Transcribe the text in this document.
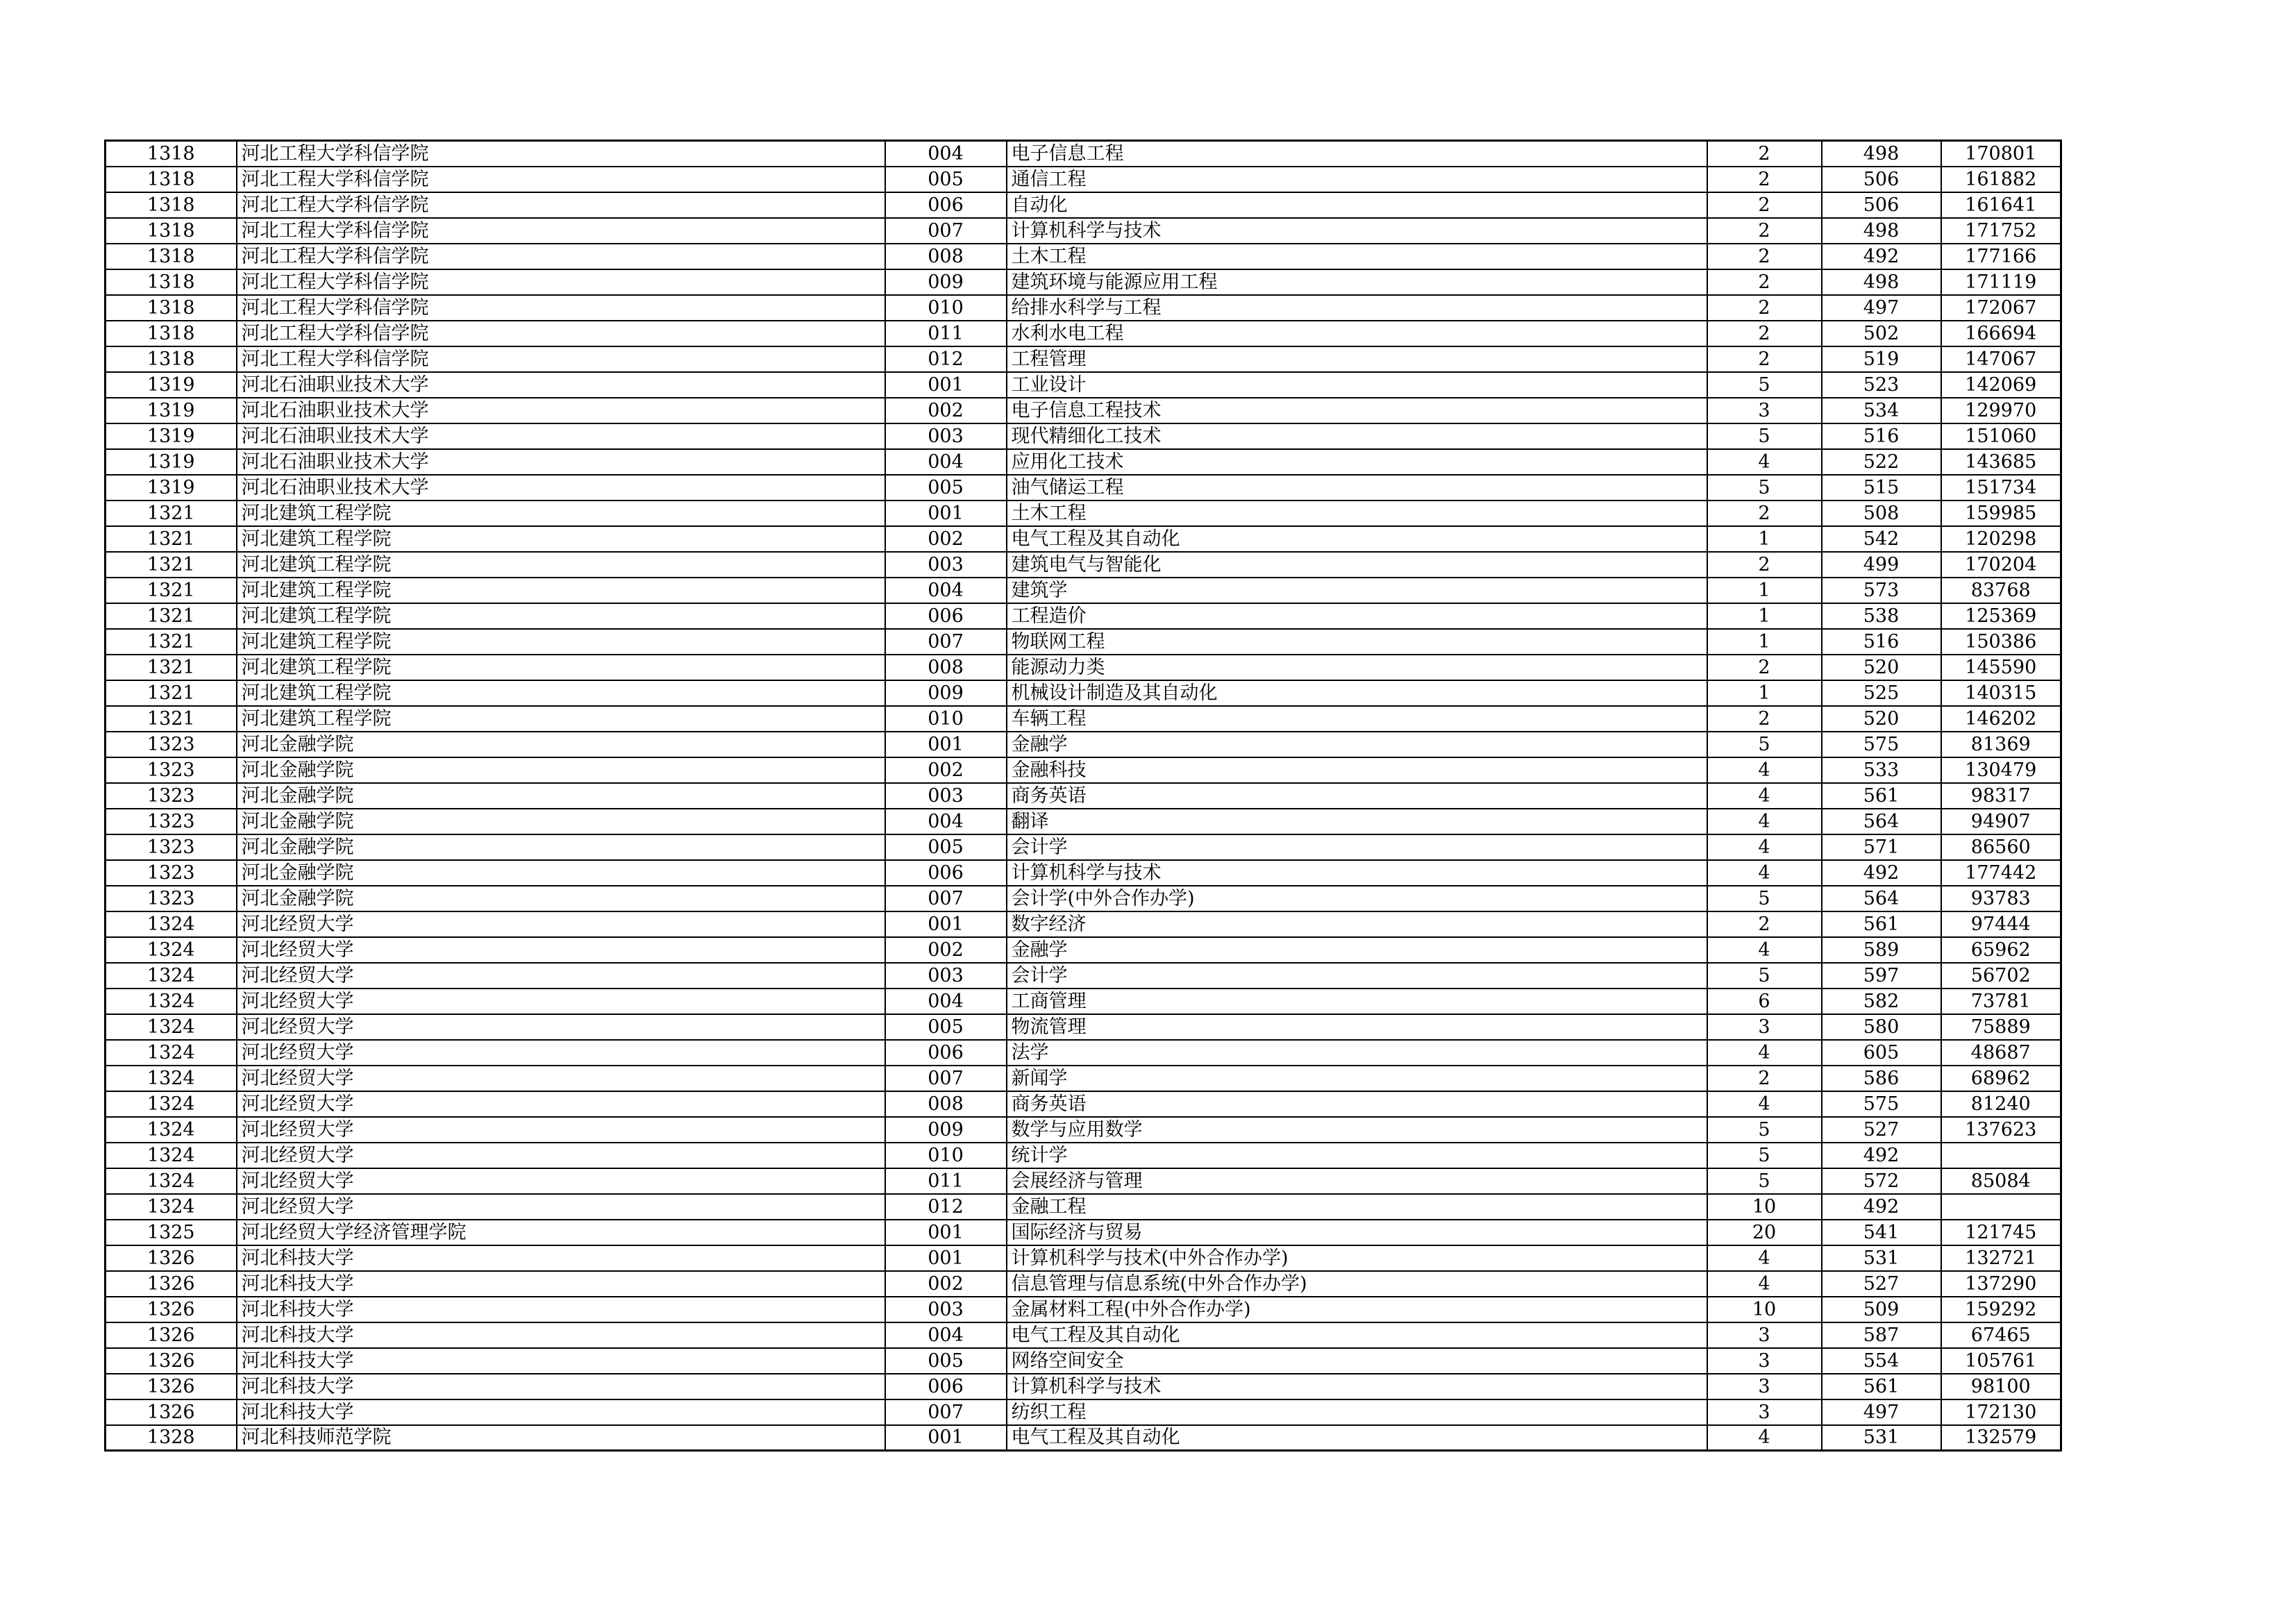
1318	河北工程大学科信学院	004	电子信息工程	2	498	170801
1318	河北工程大学科信学院	005	通信工程	2	506	161882
1318	河北工程大学科信学院	006	自动化	2	506	161641
1318	河北工程大学科信学院	007	计算机科学与技术	2	498	171752
1318	河北工程大学科信学院	008	土木工程	2	492	177166
1318	河北工程大学科信学院	009	建筑环境与能源应用工程	2	498	171119
1318	河北工程大学科信学院	010	给排水科学与工程	2	497	172067
1318	河北工程大学科信学院	011	水利水电工程	2	502	166694
1318	河北工程大学科信学院	012	工程管理	2	519	147067
1319	河北石油职业技术大学	001	工业设计	5	523	142069
1319	河北石油职业技术大学	002	电子信息工程技术	3	534	129970
1319	河北石油职业技术大学	003	现代精细化工技术	5	516	151060
1319	河北石油职业技术大学	004	应用化工技术	4	522	143685
1319	河北石油职业技术大学	005	油气储运工程	5	515	151734
1321	河北建筑工程学院	001	土木工程	2	508	159985
1321	河北建筑工程学院	002	电气工程及其自动化	1	542	120298
1321	河北建筑工程学院	003	建筑电气与智能化	2	499	170204
1321	河北建筑工程学院	004	建筑学	1	573	83768
1321	河北建筑工程学院	006	工程造价	1	538	125369
1321	河北建筑工程学院	007	物联网工程	1	516	150386
1321	河北建筑工程学院	008	能源动力类	2	520	145590
1321	河北建筑工程学院	009	机械设计制造及其自动化	1	525	140315
1321	河北建筑工程学院	010	车辆工程	2	520	146202
1323	河北金融学院	001	金融学	5	575	81369
1323	河北金融学院	002	金融科技	4	533	130479
1323	河北金融学院	003	商务英语	4	561	98317
1323	河北金融学院	004	翻译	4	564	94907
1323	河北金融学院	005	会计学	4	571	86560
1323	河北金融学院	006	计算机科学与技术	4	492	177442
1323	河北金融学院	007	会计学(中外合作办学)	5	564	93783
1324	河北经贸大学	001	数字经济	2	561	97444
1324	河北经贸大学	002	金融学	4	589	65962
1324	河北经贸大学	003	会计学	5	597	56702
1324	河北经贸大学	004	工商管理	6	582	73781
1324	河北经贸大学	005	物流管理	3	580	75889
1324	河北经贸大学	006	法学	4	605	48687
1324	河北经贸大学	007	新闻学	2	586	68962
1324	河北经贸大学	008	商务英语	4	575	81240
1324	河北经贸大学	009	数学与应用数学	5	527	137623
1324	河北经贸大学	010	统计学	5	492	
1324	河北经贸大学	011	会展经济与管理	5	572	85084
1324	河北经贸大学	012	金融工程	10	492	
1325	河北经贸大学经济管理学院	001	国际经济与贸易	20	541	121745
1326	河北科技大学	001	计算机科学与技术(中外合作办学)	4	531	132721
1326	河北科技大学	002	信息管理与信息系统(中外合作办学)	4	527	137290
1326	河北科技大学	003	金属材料工程(中外合作办学)	10	509	159292
1326	河北科技大学	004	电气工程及其自动化	3	587	67465
1326	河北科技大学	005	网络空间安全	3	554	105761
1326	河北科技大学	006	计算机科学与技术	3	561	98100
1326	河北科技大学	007	纺织工程	3	497	172130
1328	河北科技师范学院	001	电气工程及其自动化	4	531	132579
